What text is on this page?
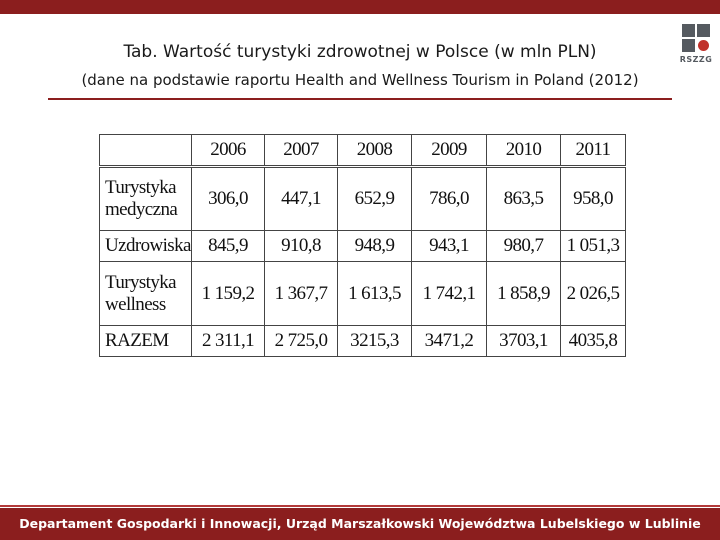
RSZZG
Tab. Wartość turystyki zdrowotnej w Polsce (w mln PLN)
(dane na podstawie raportu Health and Wellness Tourism in Poland (2012)
	2006	2007	2008	2009	2010	2011
Turystyka
medyczna	306,0	447,1	652,9	786,0	863,5	958,0
Uzdrowiska	845,9	910,8	948,9	943,1	980,7	1 051,3
Turystyka
wellness	1 159,2	1 367,7	1 613,5	1 742,1	1 858,9	2 026,5
RAZEM	2 311,1	2 725,0	3215,3	3471,2	3703,1	4035,8
Departament Gospodarki i Innowacji, Urząd Marszałkowski Województwa Lubelskiego w Lublinie
